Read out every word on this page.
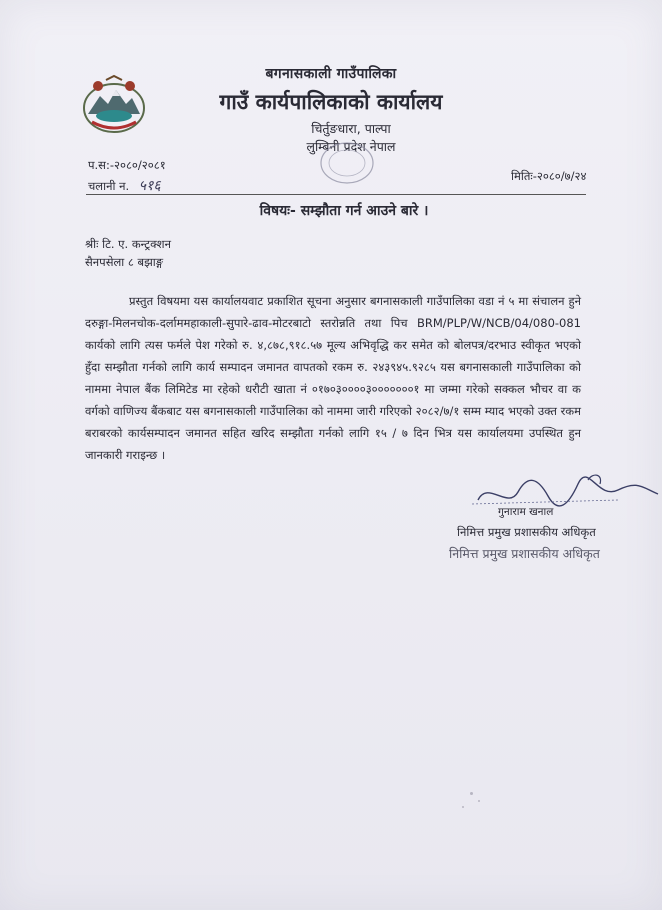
बगनासकाली गाउँपालिका
गाउँ कार्यपालिकाको कार्यालय
चिर्तुङधारा, पाल्पा
लुम्बिनी प्रदेश नेपाल
प.स:-२०८०/२०८१
चलानी न. ५१६
मितिः-२०८०/७/२४
विषयः- सम्झौता गर्न आउने बारे ।
श्रीः टि. ए. कन्ट्रक्शन
सैनपसेला ८ बझाङ्ग
प्रस्तुत विषयमा यस कार्यालयवाट प्रकाशित सूचना अनुसार बगनासकाली गाउँपालिका वडा नं ५ मा संचालन हुने दरुङ्गा-मिलनचोक-दर्लाममहाकाली-सुपारे-ढाव-मोटरबाटो स्तरोन्नति तथा पिच BRM/PLP/W/NCB/04/080-081 कार्यको लागि त्यस फर्मले पेश गरेको रु. ४,८७८,९१८.५७ मूल्य अभिवृद्धि कर समेत को बोलपत्र/दरभाउ स्वीकृत भएको हुँदा सम्झौता गर्नको लागि कार्य सम्पादन जमानत वापतको रकम रु. २४३९४५.९२८५ यस बगनासकाली गाउँपालिका को नाममा नेपाल बैंक लिमिटेड मा रहेको धरौटी खाता नं ०१७०३००००३०००००००१ मा जम्मा गरेको सक्कल भौचर वा क वर्गको वाणिज्य बैंकबाट यस बगनासकाली गाउँपालिका को नाममा जारी गरिएको २०८२/७/१ सम्म म्याद भएको उक्त रकम बराबरको कार्यसम्पादन जमानत सहित खरिद सम्झौता गर्नको लागि १५ / ७ दिन भित्र यस कार्यालयमा उपस्थित हुन जानकारी गराइन्छ ।
गुनाराम खनाल
निमित्त प्रमुख प्रशासकीय अधिकृत
निमित्त प्रमुख प्रशासकीय अधिकृत
